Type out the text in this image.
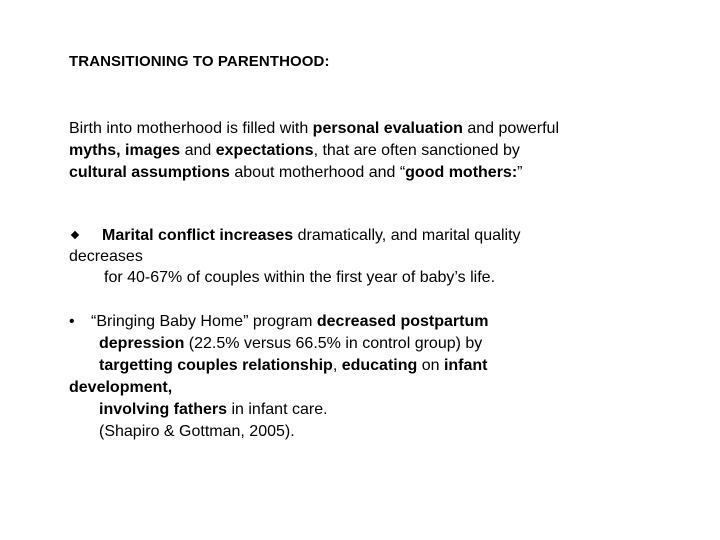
TRANSITIONING TO PARENTHOOD:
Birth into motherhood is filled with personal evaluation and powerful
myths, images and expectations, that are often sanctioned by
cultural assumptions about motherhood and “good mothers:”
Marital conflict increases dramatically, and marital quality
decreases
for 40-67% of couples within the first year of baby’s life.
• “Bringing Baby Home” program decreased postpartum
depression (22.5% versus 66.5% in control group) by
targetting couples relationship, educating on infant
development,
involving fathers in infant care.
(Shapiro & Gottman, 2005).
